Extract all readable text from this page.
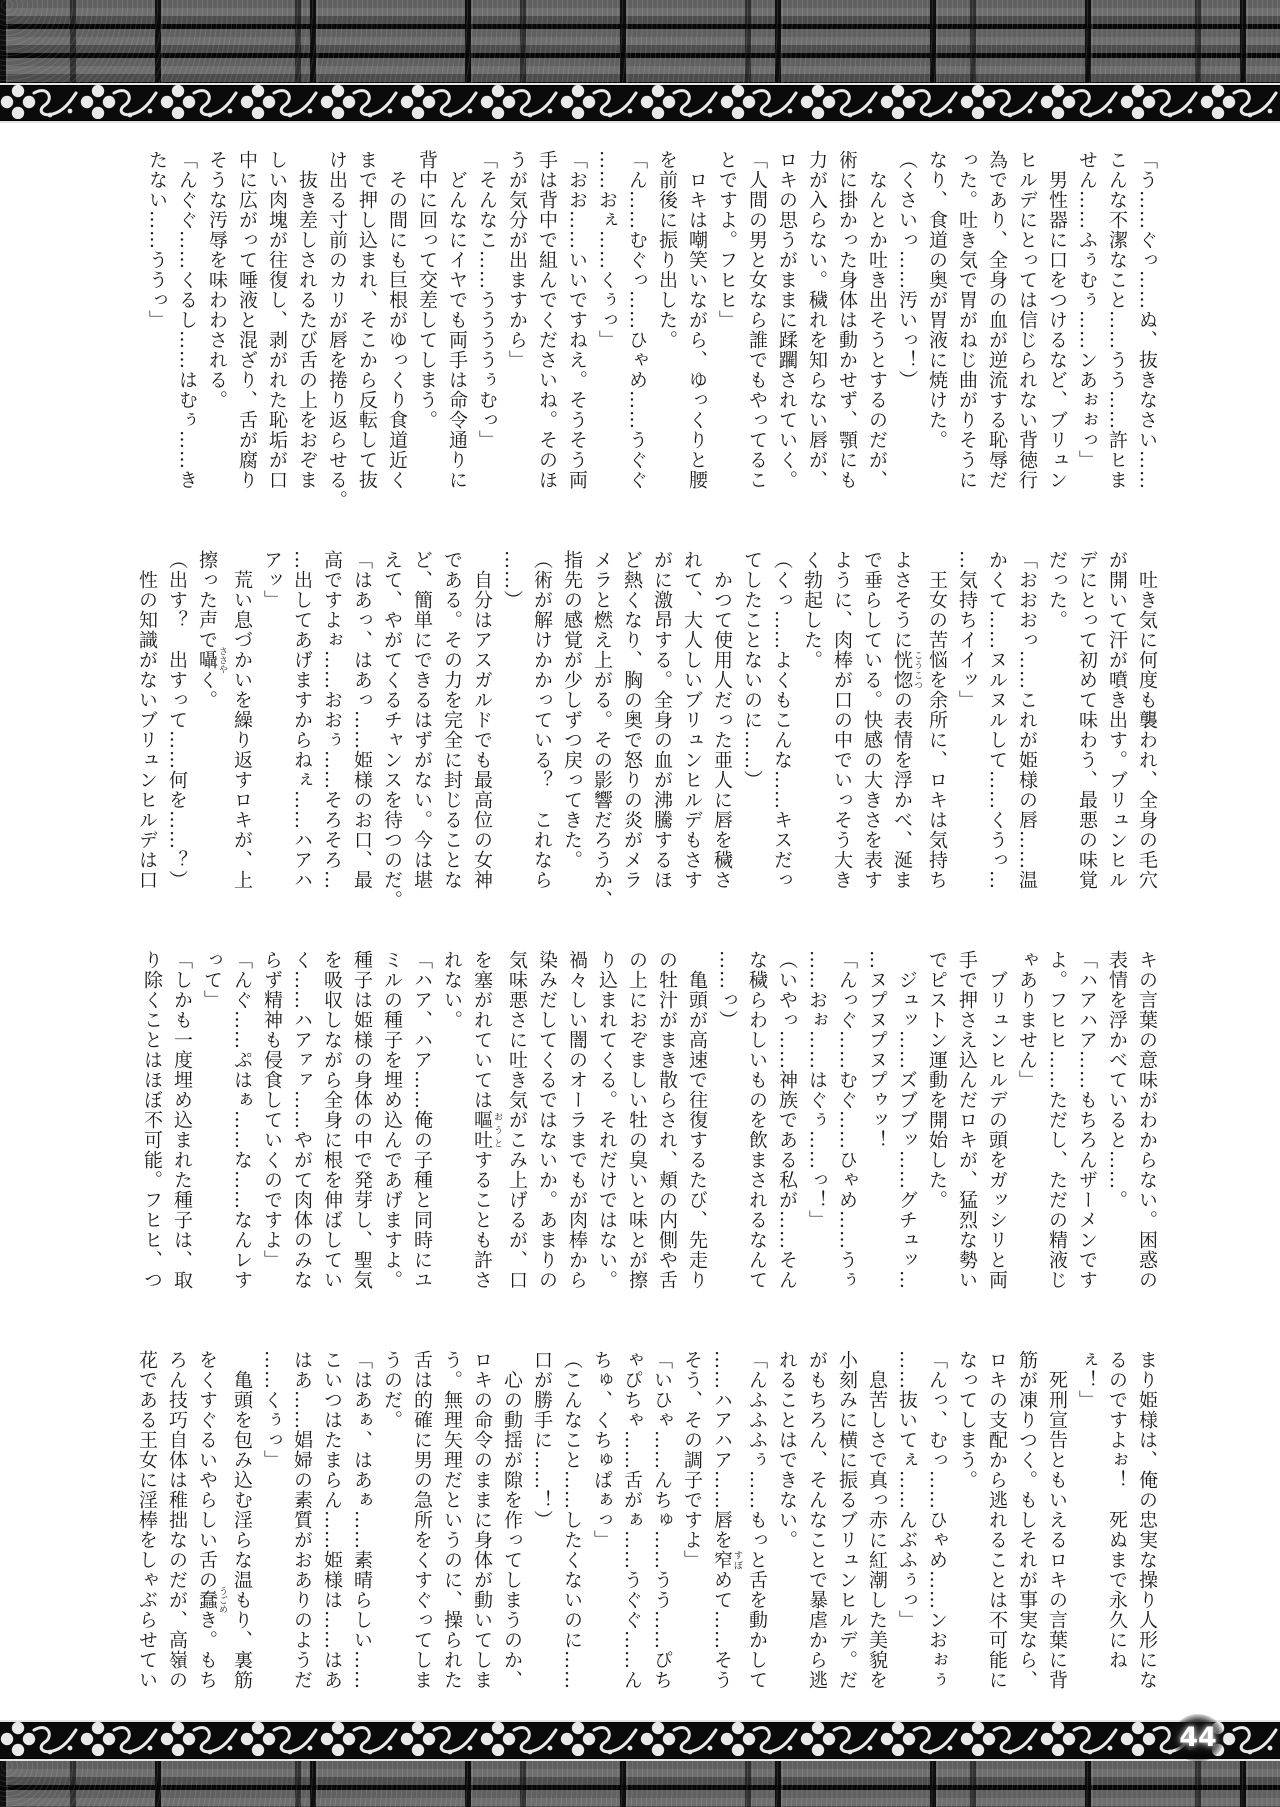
「う……ぐっ……ぬ、抜きなさい……

こんな不潔なこと……うう……許ヒま

せん……ふぅむぅ……ンあぉぉっ」

　男性器に口をつけるなど、ブリュン

ヒルデにとっては信じられない背徳行

為であり、全身の血が逆流する恥辱だ

った。吐き気で胃がねじ曲がりそうに

なり、食道の奥が胃液に焼けた。

（くさいっ……汚いっ！）

　なんとか吐き出そうとするのだが、

術に掛かった身体は動かせず、顎にも

力が入らない。穢れを知らない唇が、

ロキの思うがままに蹂躙されていく。

「人間の男と女なら誰でもやってるこ

とですよ。フヒヒ」

　ロキは嘲笑いながら、ゆっくりと腰

を前後に振り出した。

「ん……むぐっ……ひゃめ……うぐぐ

……おぇ……くぅっ」

「おお……いいですねえ。そうそう両

手は背中で組んでくださいね。そのほ

うが気分が出ますから」

「そんなこ……ううううぅむっ」

　どんなにイヤでも両手は命令通りに

背中に回って交差してしまう。

　その間にも巨根がゆっくり食道近く

まで押し込まれ、そこから反転して抜

け出る寸前のカリが唇を捲り返らせる。

　抜き差しされるたび舌の上をおぞま

しい肉塊が往復し、剥がれた恥垢が口

中に広がって唾液と混ざり、舌が腐り

そうな汚辱を味わわされる。

「んぐぐ……くるし……はむぅ……き

たない……ううっ」

　吐き気に何度も襲われ、全身の毛穴

が開いて汗が噴き出す。ブリュンヒル

デにとって初めて味わう、最悪の味覚

だった。

「おおおっ……これが姫様の唇……温

かくて……ヌルヌルして……くうっ…

…気持ちイイッ」

　王女の苦悩を余所に、ロキは気持ち

よさそうに恍惚 こうこつの表情を浮かべ、涎ま

で垂らしている。快感の大きさを表す

ように、肉棒が口の中でいっそう大き

く勃起した。

（くっ……よくもこんな……キスだっ

てしたことないのに……）

　かつて使用人だった亜人に唇を穢さ

れて、大人しいブリュンヒルデもさす

がに激昂する。全身の血が沸騰するほ

ど熱くなり、胸の奥で怒りの炎がメラ

メラと燃え上がる。その影響だろうか、

指先の感覚が少しずつ戻ってきた。

（術が解けかかっている？　これなら

……）

　自分はアスガルドでも最高位の女神

である。その力を完全に封じることな

ど、簡単にできるはずがない。今は堪

えて、やがてくるチャンスを待つのだ。

「はあっ、はあっ……姫様のお口、最

高ですよぉ……おおぅ……そろそろ…

…出してあげますからねぇ……ハアハ

アッ」

　荒い息づかいを繰り返すロキが、上

擦った声で囁 ささやく。

（出す？　出すって……何を……？）

　性の知識がないブリュンヒルデは口

キの言葉の意味がわからない。困惑の

表情を浮かべていると……。

「ハアハア……もちろんザーメンです

よ。フヒヒ……ただし、ただの精液じ

ゃありません」

　ブリュンヒルデの頭をガッシリと両

手で押さえ込んだロキが、猛烈な勢い

でピストン運動を開始した。

　ジュッ……ズブブッ……グチュッ…

…ヌプヌプヌプゥッ！

「んっぐ……むぐ……ひゃめ……うぅ

……おぉ……はぐぅ……っ！」

（いやっ……神族である私が……そん

な穢らわしいものを飲まされるなんて

……っ）

　亀頭が高速で往復するたび、先走り

の牡汁がまき散らされ、頬の内側や舌

の上におぞましい牡の臭いと味とが擦

り込まれてくる。それだけではない。

禍々しい闇のオーラまでもが肉棒から

染みだしてくるではないか。あまりの

気味悪さに吐き気がこみ上げるが、口

を塞がれていては嘔吐 おうとすることも許さ

れない。

「ハア、ハア……俺の子種と同時にユ

ミルの種子を埋め込んであげますよ。

種子は姫様の身体の中で発芽し、聖気

を吸収しながら全身に根を伸ばしてい

く……ハアァァ……やがて肉体のみな

らず精神も侵食していくのですよ」

「んぐ……ぷはぁ……な……なんレす

って」

「しかも一度埋め込まれた種子は、取

り除くことはほぼ不可能。フヒヒ、つ

まり姫様は、俺の忠実な操り人形にな

るのですよぉ！　死ぬまで永久にね

ぇ！」

　死刑宣告ともいえるロキの言葉に背

筋が凍りつく。もしそれが事実なら、

ロキの支配から逃れることは不可能に

なってしまう。

「んっ、むっ……ひゃめ……ンおぉぅ

……抜いてぇ……んぶふぅっ」

　息苦しさで真っ赤に紅潮した美貌を

小刻みに横に振るブリュンヒルデ。だ

がもちろん、そんなことで暴虐から逃

れることはできない。

「んふふふぅ……もっと舌を動かして

……ハアハア……唇を窄 すぼめて……そう

そう、その調子ですよ」

「いひゃ……んちゅ……うう……ぴち

ゃぴちゃ……舌がぁ……うぐぐ……ん

ちゅ、くちゅぱぁっ」

（こんなこと……したくないのに……

口が勝手に……！）

　心の動揺が隙を作ってしまうのか、

ロキの命令のままに身体が動いてしま

う。無理矢理だというのに、操られた

舌は的確に男の急所をくすぐってしま

うのだ。

「はあぁ、はあぁ……素晴らしい……

こいつはたまらん……姫様は……はあ

はあ……娼婦の素質がおありのようだ

……くぅっ」

　亀頭を包み込む淫らな温もり、裏筋

をくすぐるいやらしい舌の蠢 うごめき。もち

ろん技巧自体は稚拙なのだが、高嶺の

花である王女に淫棒をしゃぶらせてい

44
